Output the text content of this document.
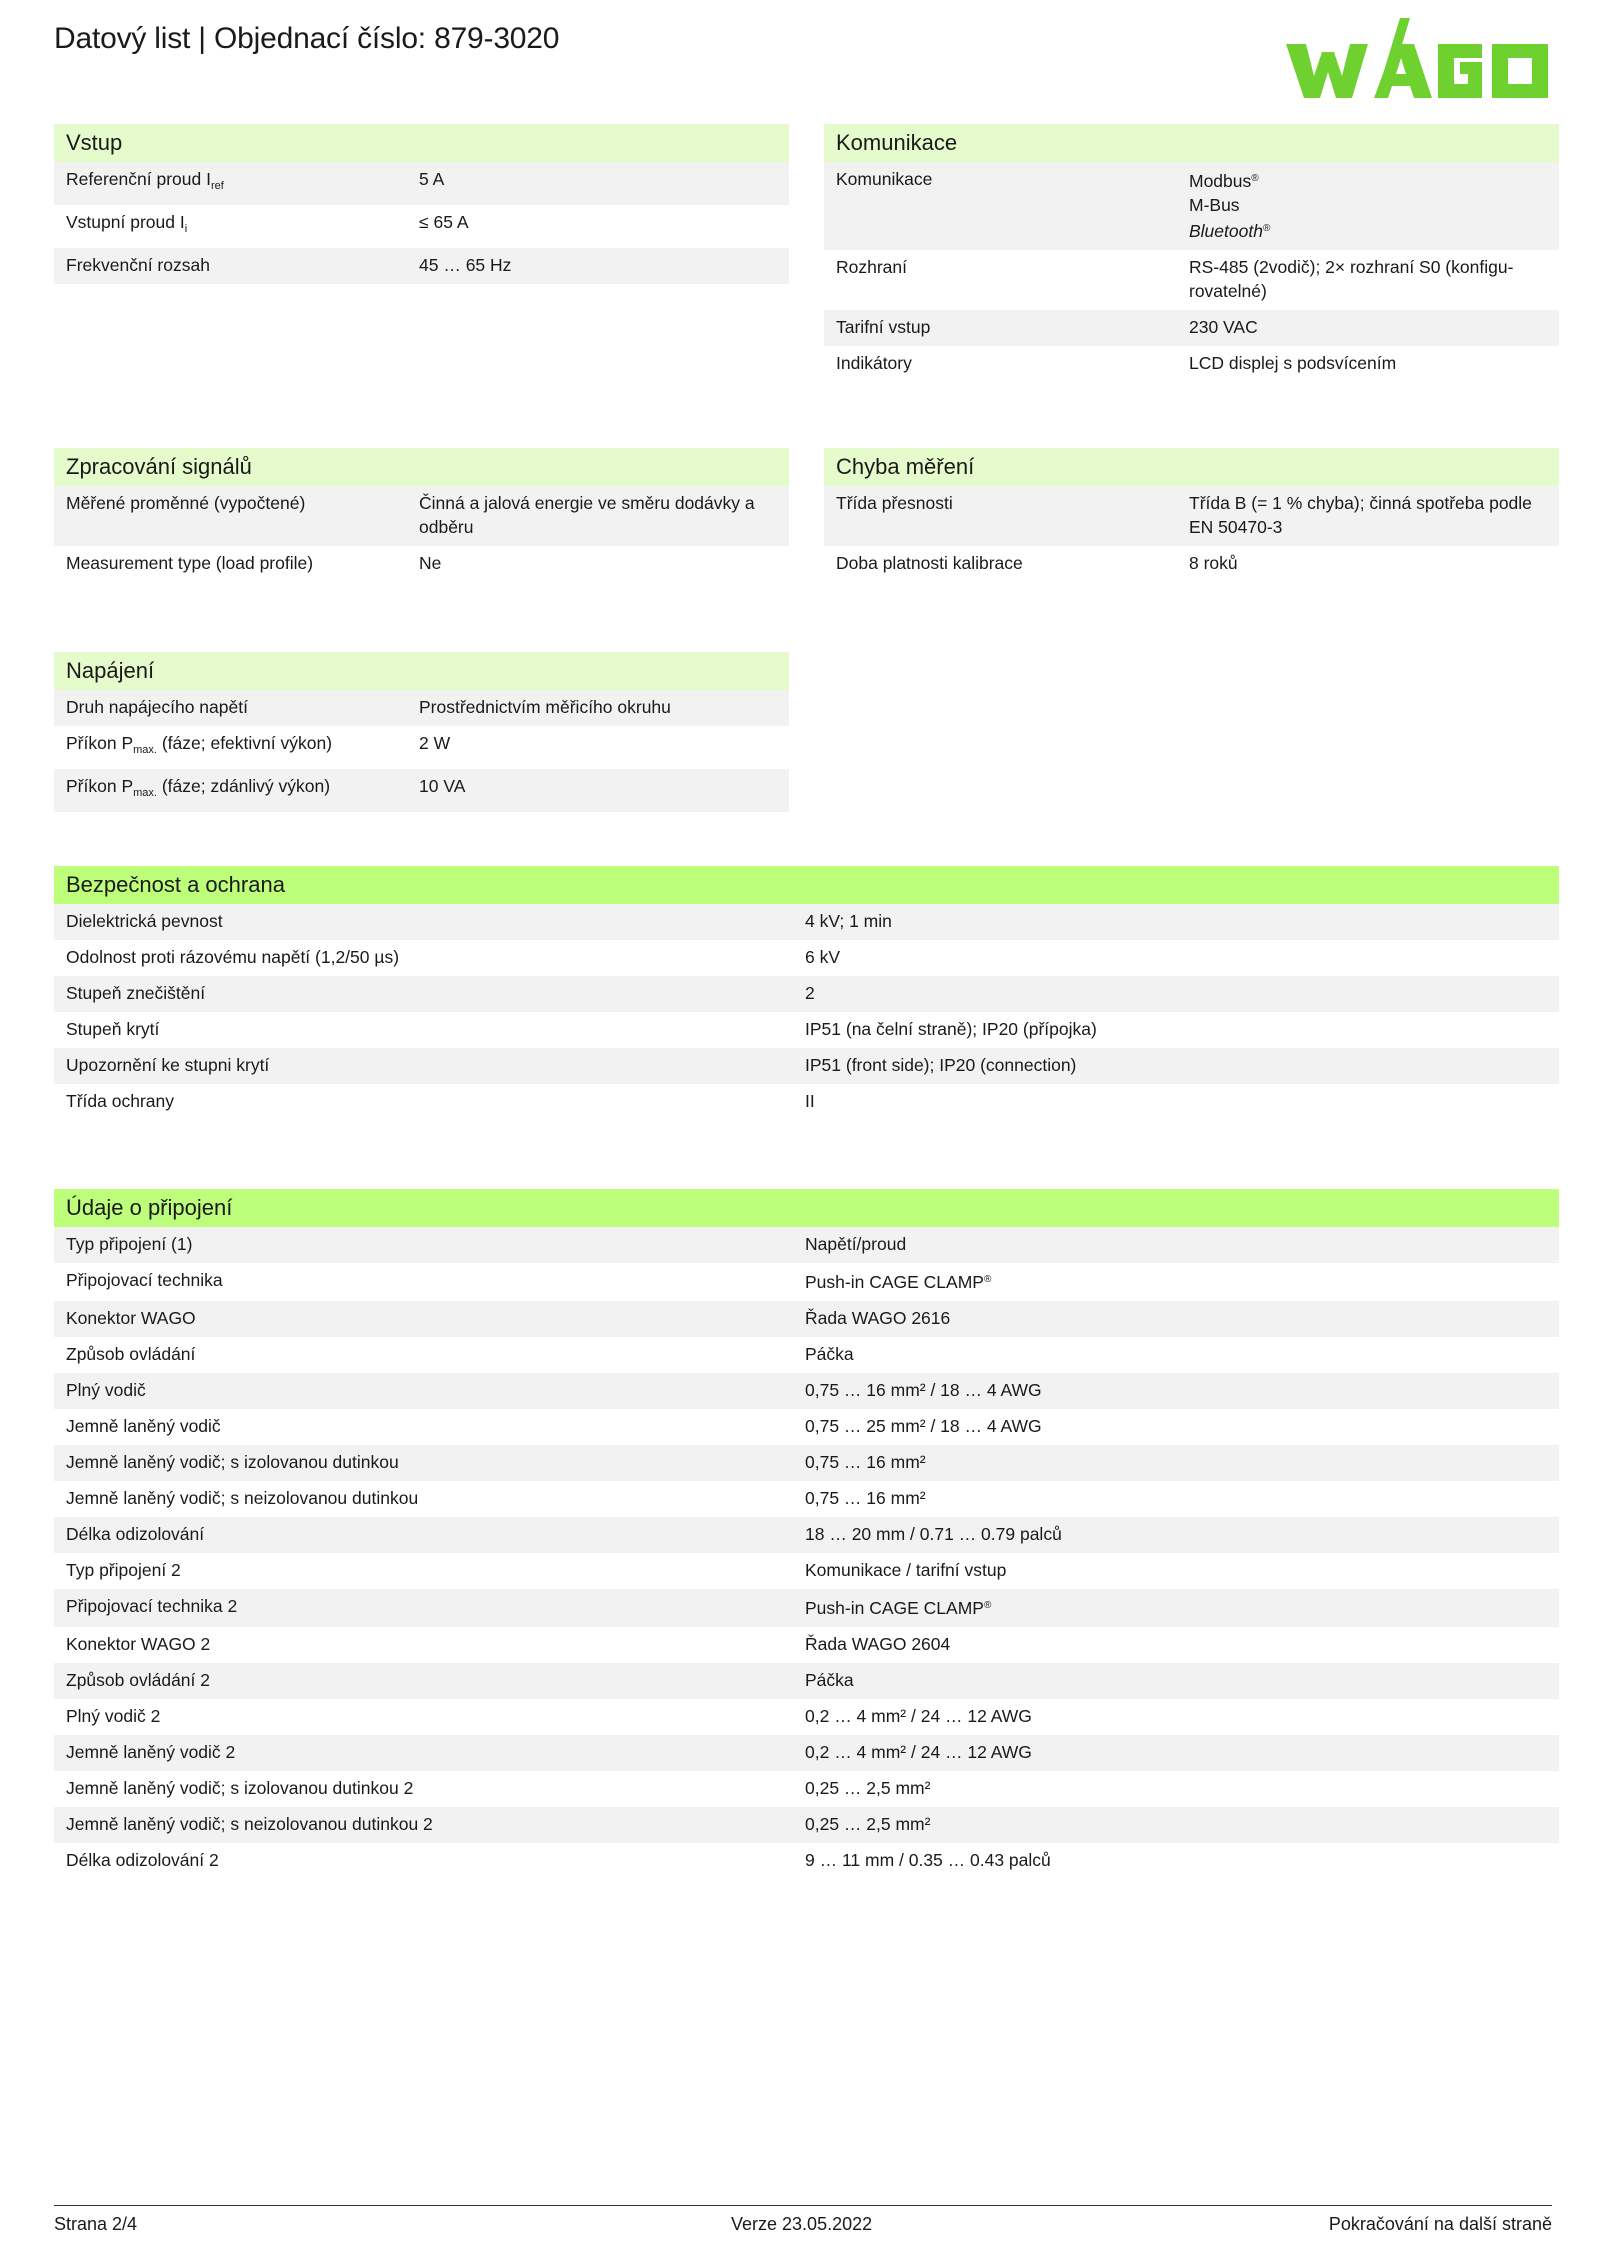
Datový list | Objednací číslo: 879-3020
Vstup
Referenční proud $I_{ref}$	5 A
Vstupní proud $I_i$	≤ 65 A
Frekvenční rozsah	45 … 65 Hz
Komunikace
Komunikace	Modbus®
M-Bus
Bluetooth®
Rozhraní	RS-485 (2vodič); 2× rozhraní S0 (konfigu-rovatelné)
Tarifní vstup	230 VAC
Indikátory	LCD displej s podsvícením
Zpracování signálů
Měřené proměnné (vypočtené)	Činná a jalová energie ve směru dodávky a odběru
Measurement type (load profile)	Ne
Chyba měření
Třída přesnosti	Třída B (= 1 % chyba); činná spotřeba podle EN 50470-3
Doba platnosti kalibrace	8 roků
Napájení
Druh napájecího napětí	Prostřednictvím měřicího okruhu
Příkon $P_{max.}$ (fáze; efektivní výkon)	2 W
Příkon $P_{max.}$ (fáze; zdánlivý výkon)	10 VA
Bezpečnost a ochrana
Dielektrická pevnost	4 kV; 1 min
Odolnost proti rázovému napětí (1,2/50 µs)	6 kV
Stupeň znečištění	2
Stupeň krytí	IP51 (na čelní straně); IP20 (přípojka)
Upozornění ke stupni krytí	IP51 (front side); IP20 (connection)
Třída ochrany	II
Údaje o připojení
Typ připojení (1)	Napětí/proud
Připojovací technika	Push-in CAGE CLAMP®
Konektor WAGO	Řada WAGO 2616
Způsob ovládání	Páčka
Plný vodič	0,75 … 16 mm² / 18 … 4 AWG
Jemně laněný vodič	0,75 … 25 mm² / 18 … 4 AWG
Jemně laněný vodič; s izolovanou dutinkou	0,75 … 16 mm²
Jemně laněný vodič; s neizolovanou dutinkou	0,75 … 16 mm²
Délka odizolování	18 … 20 mm / 0.71 … 0.79 palců
Typ připojení 2	Komunikace / tarifní vstup
Připojovací technika 2	Push-in CAGE CLAMP®
Konektor WAGO 2	Řada WAGO 2604
Způsob ovládání 2	Páčka
Plný vodič 2	0,2 … 4 mm² / 24 … 12 AWG
Jemně laněný vodič 2	0,2 … 4 mm² / 24 … 12 AWG
Jemně laněný vodič; s izolovanou dutinkou 2	0,25 … 2,5 mm²
Jemně laněný vodič; s neizolovanou dutinkou 2	0,25 … 2,5 mm²
Délka odizolování 2	9 … 11 mm / 0.35 … 0.43 palců
Strana 2/4	Verze 23.05.2022	Pokračování na další straně
